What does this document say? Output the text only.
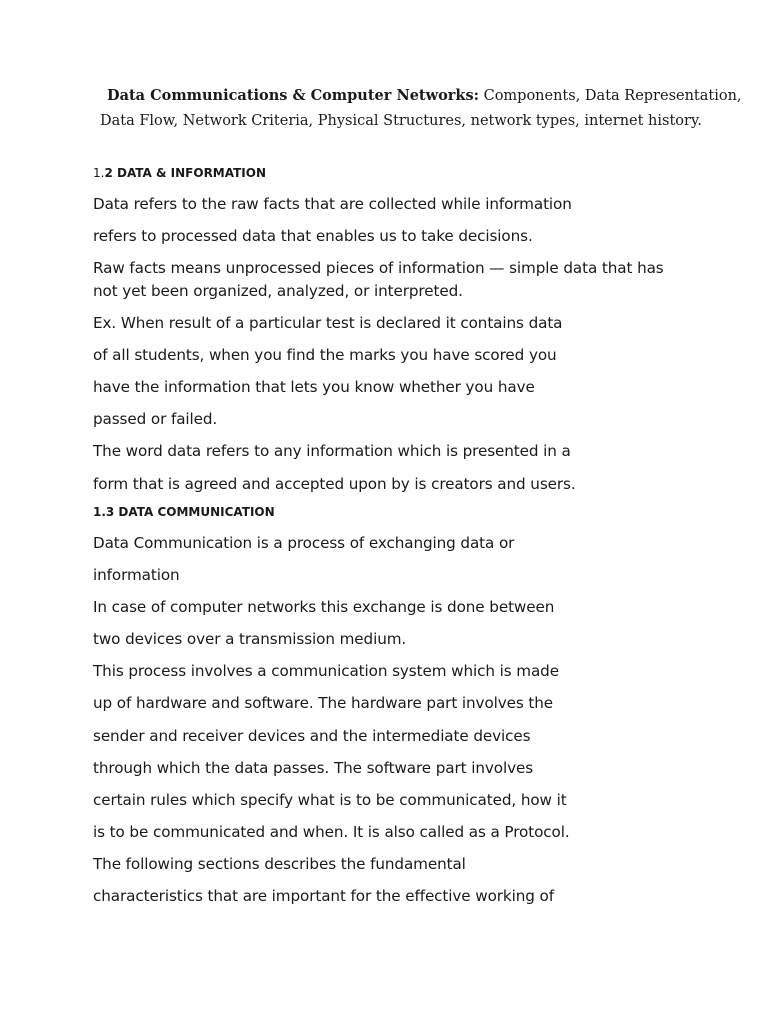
Data Communications & Computer Networks: Components, Data Representation,
Data Flow, Network Criteria, Physical Structures, network types, internet history.
1.2 DATA & INFORMATION
Data refers to the raw facts that are collected while information
refers to processed data that enables us to take decisions.
Raw facts means unprocessed pieces of information — simple data that has
not yet been organized, analyzed, or interpreted.
Ex. When result of a particular test is declared it contains data
of all students, when you find the marks you have scored you
have the information that lets you know whether you have
passed or failed.
The word data refers to any information which is presented in a
form that is agreed and accepted upon by is creators and users.
1.3 DATA COMMUNICATION
Data Communication is a process of exchanging data or
information
In case of computer networks this exchange is done between
two devices over a transmission medium.
This process involves a communication system which is made
up of hardware and software. The hardware part involves the
sender and receiver devices and the intermediate devices
through which the data passes. The software part involves
certain rules which specify what is to be communicated, how it
is to be communicated and when. It is also called as a Protocol.
The following sections describes the fundamental
characteristics that are important for the effective working of
